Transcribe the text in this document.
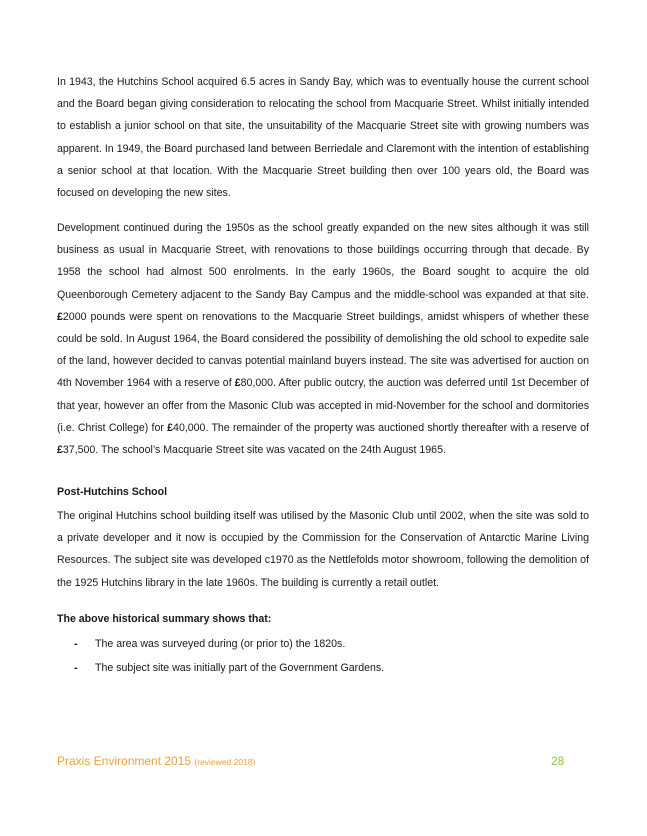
In 1943, the Hutchins School acquired 6.5 acres in Sandy Bay, which was to eventually house the current school and the Board began giving consideration to relocating the school from Macquarie Street. Whilst initially intended to establish a junior school on that site, the unsuitability of the Macquarie Street site with growing numbers was apparent. In 1949, the Board purchased land between Berriedale and Claremont with the intention of establishing a senior school at that location. With the Macquarie Street building then over 100 years old, the Board was focused on developing the new sites.

Development continued during the 1950s as the school greatly expanded on the new sites although it was still business as usual in Macquarie Street, with renovations to those buildings occurring through that decade. By 1958 the school had almost 500 enrolments. In the early 1960s, the Board sought to acquire the old Queenborough Cemetery adjacent to the Sandy Bay Campus and the middle-school was expanded at that site. £2000 pounds were spent on renovations to the Macquarie Street buildings, amidst whispers of whether these could be sold. In August 1964, the Board considered the possibility of demolishing the old school to expedite sale of the land, however decided to canvas potential mainland buyers instead. The site was advertised for auction on 4th November 1964 with a reserve of £80,000. After public outcry, the auction was deferred until 1st December of that year, however an offer from the Masonic Club was accepted in mid-November for the school and dormitories (i.e. Christ College) for £40,000. The remainder of the property was auctioned shortly thereafter with a reserve of £37,500. The school’s Macquarie Street site was vacated on the 24th August 1965.

Post-Hutchins School

The original Hutchins school building itself was utilised by the Masonic Club until 2002, when the site was sold to a private developer and it now is occupied by the Commission for the Conservation of Antarctic Marine Living Resources. The subject site was developed c1970 as the Nettlefolds motor showroom, following the demolition of the 1925 Hutchins library in the late 1960s. The building is currently a retail outlet.

The above historical summary shows that:

- The area was surveyed during (or prior to) the 1820s.
- The subject site was initially part of the Government Gardens.
Praxis Environment 2015 (reviewed 2018)	28
